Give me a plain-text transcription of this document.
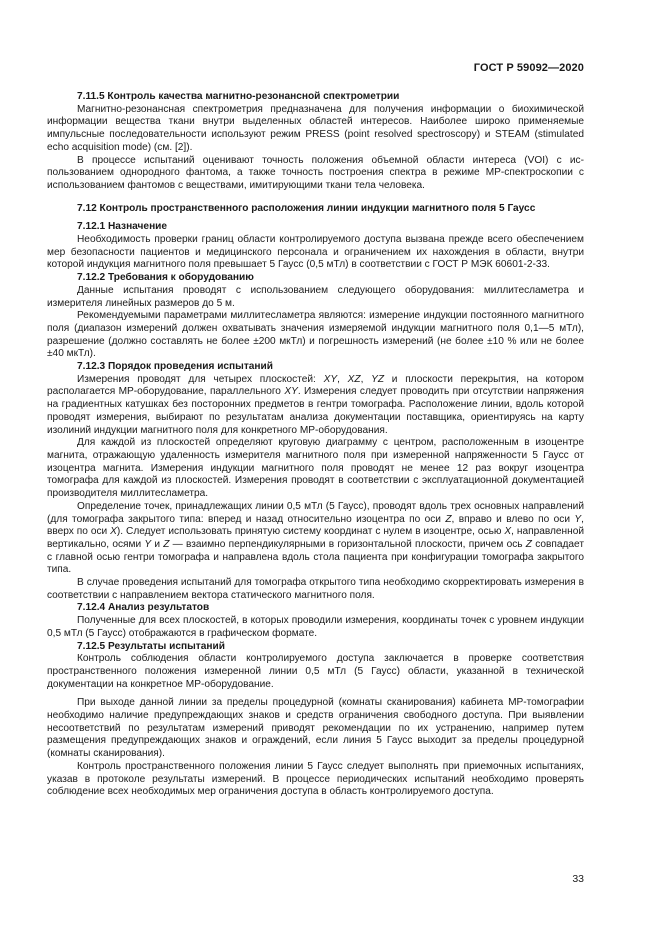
ГОСТ Р 59092—2020

7.11.5 Контроль качества магнитно-резонансной спектрометрии

Магнитно-резонансная спектрометрия предназначена для получения информации о биохимической информации вещества ткани внутри выделенных областей интересов. Наиболее широко применяемые импульсные последовательности используют режим PRESS (point resolved spectroscopy) и STEAM (stimulated echo acquisition mode) (см. [2]).

В процессе испытаний оценивают точность положения объемной области интереса (VOI) с использованием однородного фантома, а также точность построения спектра в режиме МР-спектроскопии с использованием фантомов с веществами, имитирующими ткани тела человека.

7.12 Контроль пространственного расположения линии индукции магнитного поля 5 Гаусс

7.12.1 Назначение

Необходимость проверки границ области контролируемого доступа вызвана прежде всего обеспечением мер безопасности пациентов и медицинского персонала и ограничением их нахождения в области, внутри которой индукция магнитного поля превышает 5 Гаусс (0,5 мТл) в соответствии с ГОСТ Р МЭК 60601-2-33.

7.12.2 Требования к оборудованию

Данные испытания проводят с использованием следующего оборудования: миллитесламетра и измерителя линейных размеров до 5 м.

Рекомендуемыми параметрами миллитесламетра являются: измерение индукции постоянного магнитного поля (диапазон измерений должен охватывать значения измеряемой индукции магнитного поля 0,1—5 мТл), разрешение (должно составлять не более ±200 мкТл) и погрешность измерений (не более ±10 % или не более ±40 мкТл).

7.12.3 Порядок проведения испытаний

Измерения проводят для четырех плоскостей: XY, XZ, YZ и плоскости перекрытия, на котором располагается МР-оборудование, параллельного XY. Измерения следует проводить при отсутствии напряжения на градиентных катушках без посторонних предметов в гентри томографа. Расположение линии, вдоль которой проводят измерения, выбирают по результатам анализа документации поставщика, ориентируясь на карту изолиний индукции магнитного поля для конкретного МР-оборудования.

Для каждой из плоскостей определяют круговую диаграмму с центром, расположенным в изоцентре магнита, отражающую удаленность измерителя магнитного поля при измеренной напряженности 5 Гаусс от изоцентра магнита. Измерения индукции магнитного поля проводят не менее 12 раз вокруг изоцентра томографа для каждой из плоскостей. Измерения проводят в соответствии с эксплуатационной документацией производителя миллитесламетра.

Определение точек, принадлежащих линии 0,5 мТл (5 Гаусс), проводят вдоль трех основных направлений (для томографа закрытого типа: вперед и назад относительно изоцентра по оси Z, вправо и влево по оси Y, вверх по оси X). Следует использовать принятую систему координат с нулем в изоцентре, осью X, направленной вертикально, осями Y и Z — взаимно перпендикулярными в горизонтальной плоскости, причем ось Z совпадает с главной осью гентри томографа и направлена вдоль стола пациента при конфигурации томографа закрытого типа.

В случае проведения испытаний для томографа открытого типа необходимо скорректировать измерения в соответствии с направлением вектора статического магнитного поля.

7.12.4 Анализ результатов

Полученные для всех плоскостей, в которых проводили измерения, координаты точек с уровнем индукции 0,5 мТл (5 Гаусс) отображаются в графическом формате.

7.12.5 Результаты испытаний

Контроль соблюдения области контролируемого доступа заключается в проверке соответствия пространственного положения измеренной линии 0,5 мТл (5 Гаусс) области, указанной в технической документации на конкретное МР-оборудование.

При выходе данной линии за пределы процедурной (комнаты сканирования) кабинета МР-томографии необходимо наличие предупреждающих знаков и средств ограничения свободного доступа. При выявлении несоответствий по результатам измерений приводят рекомендации по их устранению, например путем размещения предупреждающих знаков и ограждений, если линия 5 Гаусс выходит за пределы процедурной (комнаты сканирования).

Контроль пространственного положения линии 5 Гаусс следует выполнять при приемочных испытаниях, указав в протоколе результаты измерений. В процессе периодических испытаний необходимо проверять соблюдение всех необходимых мер ограничения доступа в область контролируемого доступа.

33
